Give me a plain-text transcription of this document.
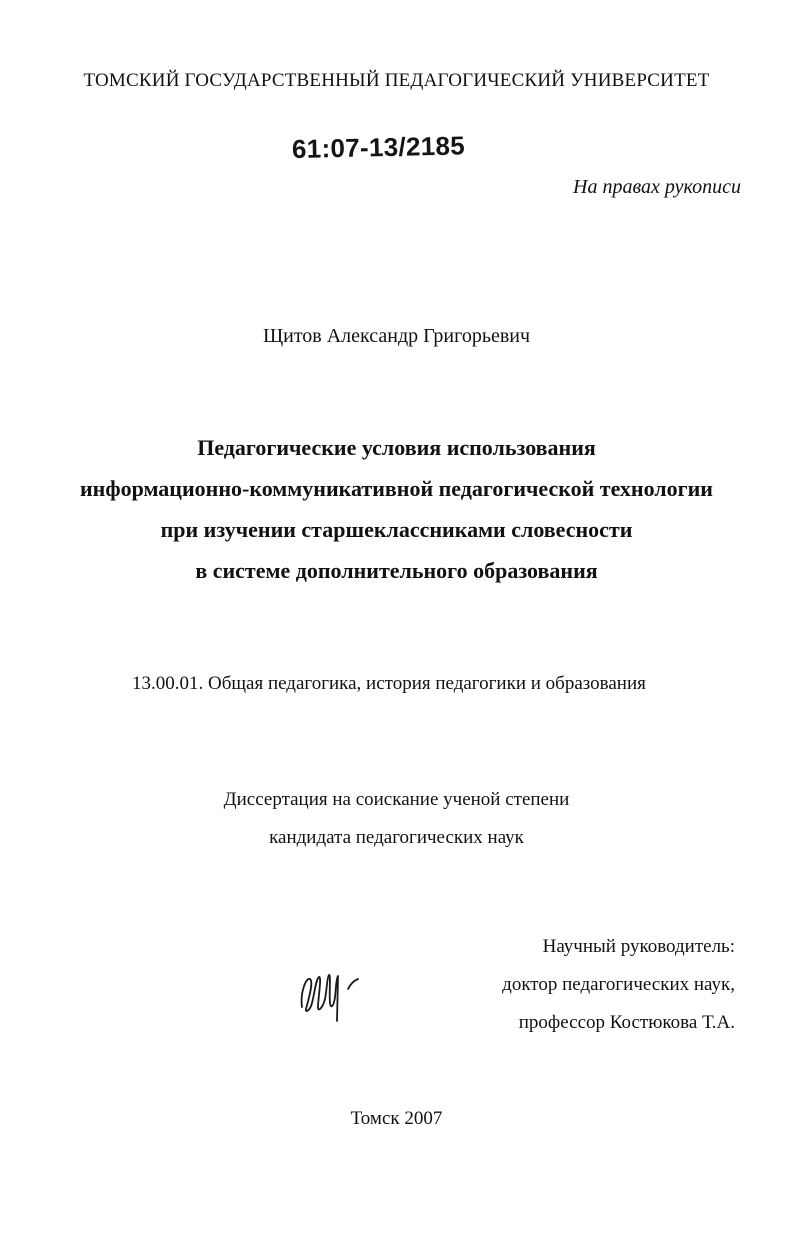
ТОМСКИЙ ГОСУДАРСТВЕННЫЙ ПЕДАГОГИЧЕСКИЙ УНИВЕРСИТЕТ
61:07-13/2185
На правах рукописи
Щитов Александр Григорьевич
Педагогические условия использования
информационно-коммуникативной педагогической технологии
при изучении старшеклассниками словесности
в системе дополнительного образования
13.00.01. Общая педагогика, история педагогики и образования
Диссертация на соискание ученой степени
кандидата педагогических наук
Научный руководитель:
доктор педагогических наук,
профессор Костюкова Т.А.
Томск 2007
